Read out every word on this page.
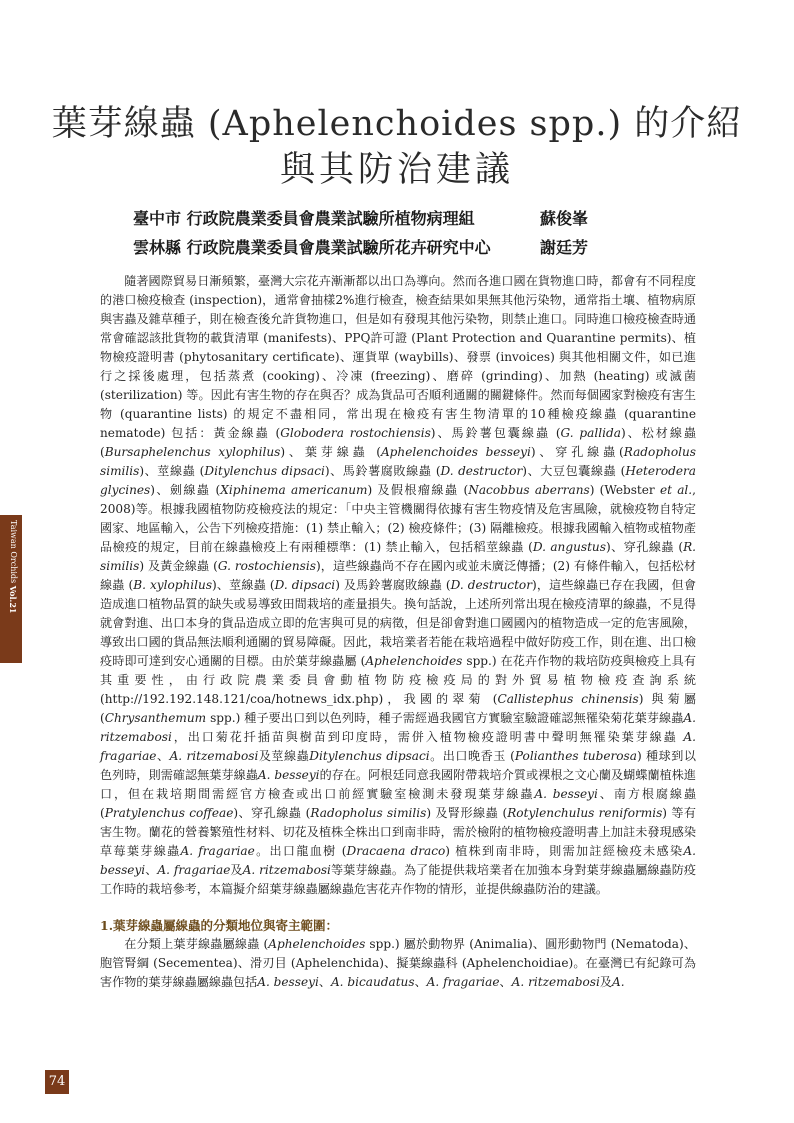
Taiwan Orchids Vol.21
葉芽線蟲 (Aphelenchoides spp.) 的介紹
與其防治建議
臺中市 行政院農業委員會農業試驗所植物病理組	蘇俊峯
雲林縣 行政院農業委員會農業試驗所花卉研究中心	謝廷芳

隨著國際貿易日漸頻繁，臺灣大宗花卉漸漸都以出口為導向。然而各進口國在貨物進口時，都會有不同程度的港口檢疫檢查 (inspection)，通常會抽樣2%進行檢查，檢查結果如果無其他污染物，通常指土壤、植物病原與害蟲及雜草種子，則在檢查後允許貨物進口，但是如有發現其他污染物，則禁止進口。同時進口檢疫檢查時通常會確認該批貨物的載貨清單 (manifests)、PPQ許可證 (Plant Protection and Quarantine permits)、植物檢疫證明書 (phytosanitary certificate)、運貨單 (waybills)、發票 (invoices) 與其他相關文件，如已進行之採後處理，包括蒸煮 (cooking)、冷凍 (freezing)、磨碎 (grinding)、加熱 (heating) 或滅菌 (sterilization) 等。因此有害生物的存在與否？成為貨品可否順利通關的關鍵條件。然而每個國家對檢疫有害生物 (quarantine lists) 的規定不盡相同，常出現在檢疫有害生物清單的10種檢疫線蟲 (quarantine nematode) 包括：黃金線蟲 (Globodera rostochiensis)、馬鈴薯包囊線蟲 (G. pallida)、松材線蟲 (Bursaphelenchus xylophilus)、葉芽線蟲 (Aphelenchoides besseyi)、穿孔線蟲(Radopholus similis)、莖線蟲 (Ditylenchus dipsaci)、馬鈴薯腐敗線蟲 (D. destructor)、大豆包囊線蟲 (Heterodera glycines)、劍線蟲 (Xiphinema americanum) 及假根瘤線蟲 (Nacobbus aberrans) (Webster et al., 2008)等。根據我國植物防疫檢疫法的規定：「中央主管機關得依據有害生物疫情及危害風險，就檢疫物自特定國家、地區輸入，公告下列檢疫措施：(1) 禁止輸入；(2) 檢疫條件；(3) 隔離檢疫。根據我國輸入植物或植物產品檢疫的規定，目前在線蟲檢疫上有兩種標準：(1) 禁止輸入，包括稻莖線蟲 (D. angustus)、穿孔線蟲 (R. similis) 及黃金線蟲 (G. rostochiensis)，這些線蟲尚不存在國內或並未廣泛傳播；(2) 有條件輸入，包括松材線蟲 (B. xylophilus)、莖線蟲 (D. dipsaci) 及馬鈴薯腐敗線蟲 (D. destructor)，這些線蟲已存在我國，但會造成進口植物品質的缺失或易導致田間栽培的產量損失。換句話說，上述所列常出現在檢疫清單的線蟲，不見得就會對進、出口本身的貨品造成立即的危害與可見的病徵，但是卻會對進口國國內的植物造成一定的危害風險，導致出口國的貨品無法順利通關的貿易障礙。因此，栽培業者若能在栽培過程中做好防疫工作，則在進、出口檢疫時即可達到安心通關的目標。由於葉芽線蟲屬 (Aphelenchoides spp.) 在花卉作物的栽培防疫與檢疫上具有其重要性，由行政院農業委員會動植物防疫檢疫局的對外貿易植物檢疫查詢系統 (http://192.192.148.121/coa/hotnews_idx.php)，我國的翠菊 (Callistephus chinensis) 與菊屬 (Chrysanthemum spp.) 種子要出口到以色列時，種子需經過我國官方實驗室驗證確認無罹染菊花葉芽線蟲A. ritzemabosi，出口菊花扦插苗與樹苗到印度時，需併入植物檢疫證明書中聲明無罹染葉芽線蟲 A. fragariae、A. ritzemabosi及莖線蟲Ditylenchus dipsaci。出口晚香玉 (Polianthes tuberosa) 種球到以色列時，則需確認無葉芽線蟲A. besseyi的存在。阿根廷同意我國附帶栽培介質或裸根之文心蘭及蝴蝶蘭植株進口，但在栽培期間需經官方檢查或出口前經實驗室檢測未發現葉芽線蟲A. besseyi、南方根腐線蟲 (Pratylenchus coffeae)、穿孔線蟲 (Radopholus similis) 及腎形線蟲 (Rotylenchulus reniformis) 等有害生物。蘭花的營養繁殖性材料、切花及植株全株出口到南非時，需於檢附的植物檢疫證明書上加註未發現感染草莓葉芽線蟲A. fragariae。出口龍血樹 (Dracaena draco) 植株到南非時，則需加註經檢疫未感染A. besseyi、A. fragariae及A. ritzemabosi等葉芽線蟲。為了能提供栽培業者在加強本身對葉芽線蟲屬線蟲防疫工作時的栽培參考，本篇擬介紹葉芽線蟲屬線蟲危害花卉作物的情形，並提供線蟲防治的建議。

1.葉芽線蟲屬線蟲的分類地位與寄主範圍：

在分類上葉芽線蟲屬線蟲 (Aphelenchoides spp.) 屬於動物界 (Animalia)、圓形動物門 (Nematoda)、胞管腎綱 (Secementea)、滑刃目 (Aphelenchida)、擬葉線蟲科 (Aphelenchoidiae)。在臺灣已有紀錄可為害作物的葉芽線蟲屬線蟲包括A. besseyi、A. bicaudatus、A. fragariae、A. ritzemabosi及A.

74
